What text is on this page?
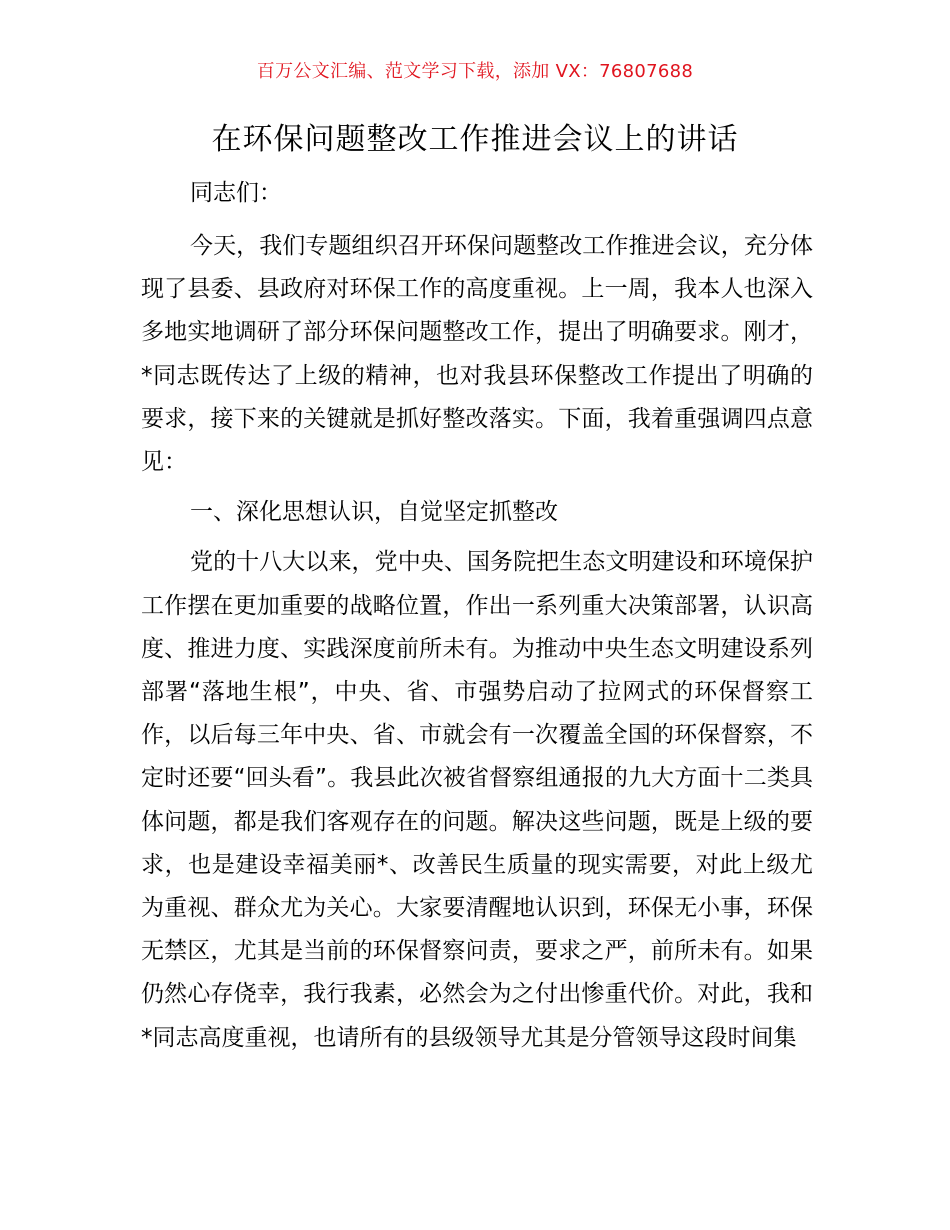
百万公文汇编、范文学习下载，添加 VX：76807688
在环保问题整改工作推进会议上的讲话
同志们：

今天，我们专题组织召开环保问题整改工作推进会议，充分体现了县委、县政府对环保工作的高度重视。上一周，我本人也深入多地实地调研了部分环保问题整改工作，提出了明确要求。刚才，*同志既传达了上级的精神，也对我县环保整改工作提出了明确的要求，接下来的关键就是抓好整改落实。下面，我着重强调四点意见：

一、深化思想认识，自觉坚定抓整改

党的十八大以来，党中央、国务院把生态文明建设和环境保护工作摆在更加重要的战略位置，作出一系列重大决策部署，认识高度、推进力度、实践深度前所未有。为推动中央生态文明建设系列部署“落地生根”，中央、省、市强势启动了拉网式的环保督察工作，以后每三年中央、省、市就会有一次覆盖全国的环保督察，不定时还要“回头看”。我县此次被省督察组通报的九大方面十二类具体问题，都是我们客观存在的问题。解决这些问题，既是上级的要求，也是建设幸福美丽*、改善民生质量的现实需要，对此上级尤为重视、群众尤为关心。大家要清醒地认识到，环保无小事，环保无禁区，尤其是当前的环保督察问责，要求之严，前所未有。如果仍然心存侥幸，我行我素，必然会为之付出惨重代价。对此，我和*同志高度重视，也请所有的县级领导尤其是分管领导这段时间集
